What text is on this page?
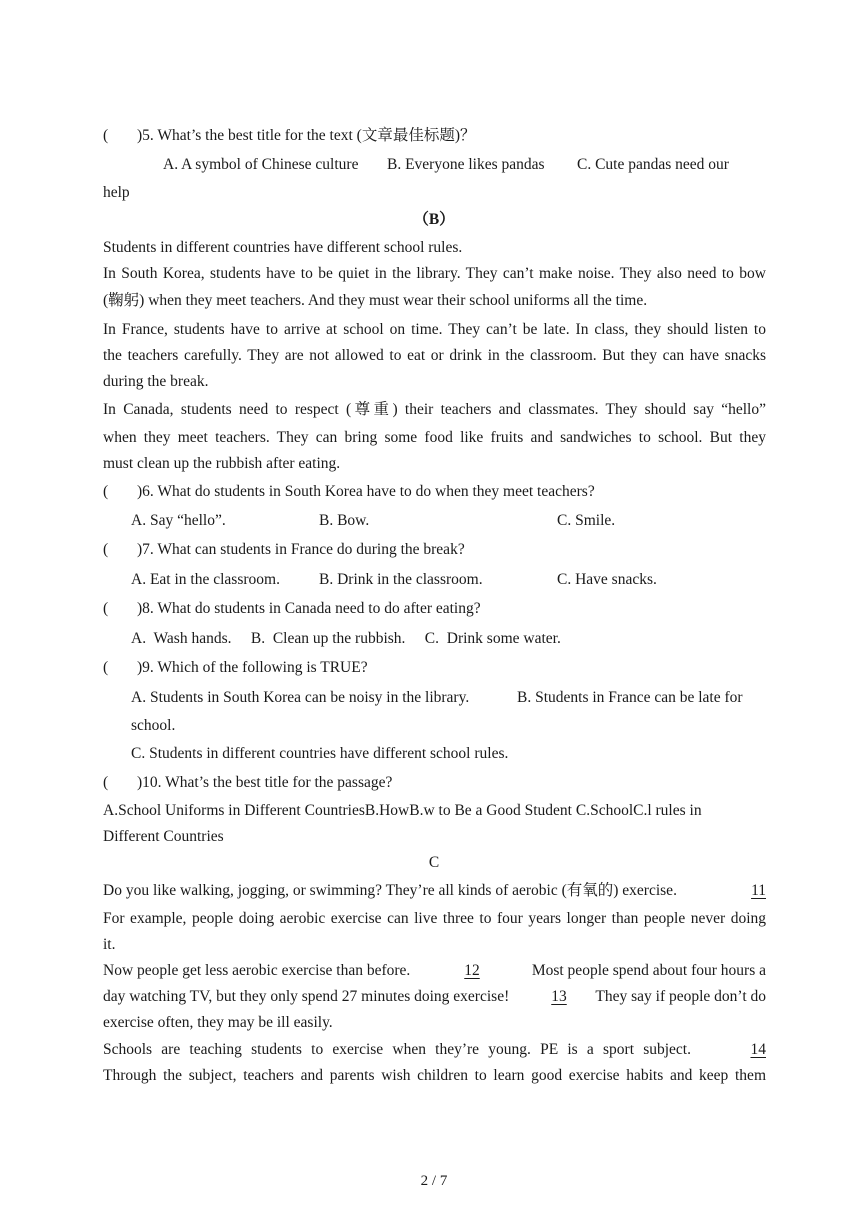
( )5. What’s the best title for the text (文章最佳标题)？
A. A symbol of Chinese culture B. Everyone likes pandas C. Cute pandas need our
help
（B）
Students in different countries have different school rules.
In South Korea, students have to be quiet in the library. They can’t make noise. They also need to bow
(鞠躬) when they meet teachers. And they must wear their school uniforms all the time.
In France, students have to arrive at school on time. They can’t be late. In class, they should listen to
the teachers carefully. They are not allowed to eat or drink in the classroom. But they can have snacks
during the break.
In Canada, students need to respect (尊重) their teachers and classmates. They should say “hello”
when they meet teachers. They can bring some food like fruits and sandwiches to school. But they
must clean up the rubbish after eating.
( )6. What do students in South Korea have to do when they meet teachers?
A. Say “hello”.	B. Bow.	C. Smile.
( )7. What can students in France do during the break?
A. Eat in the classroom.	B. Drink in the classroom.	C. Have snacks.
( )8. What do students in Canada need to do after eating?
A.  Wash hands.     B.  Clean up the rubbish.     C.  Drink some water.
( )9. Which of the following is TRUE?
A. Students in South Korea can be noisy in the library.	B. Students in France can be late for
school.
C. Students in different countries have different school rules.
( )10. What’s the best title for the passage?
A.School Uniforms in Different CountriesB.HowB.w to Be a Good Student C.SchoolC.l rules in
Different Countries
C
Do you like walking, jogging, or swimming? They’re all kinds of aerobic (有氧的) exercise.	11
For example, people doing aerobic exercise can live three to four years longer than people never doing
it.
Now people get less aerobic exercise than before.	12	Most people spend about four hours a
day watching TV, but they only spend 27 minutes doing exercise!	13	They say if people don’t do
exercise often, they may be ill easily.
Schools are teaching students to exercise when they’re young. PE is a sport subject.	14
Through the subject, teachers and parents wish children to learn good exercise habits and keep them
2 / 7
